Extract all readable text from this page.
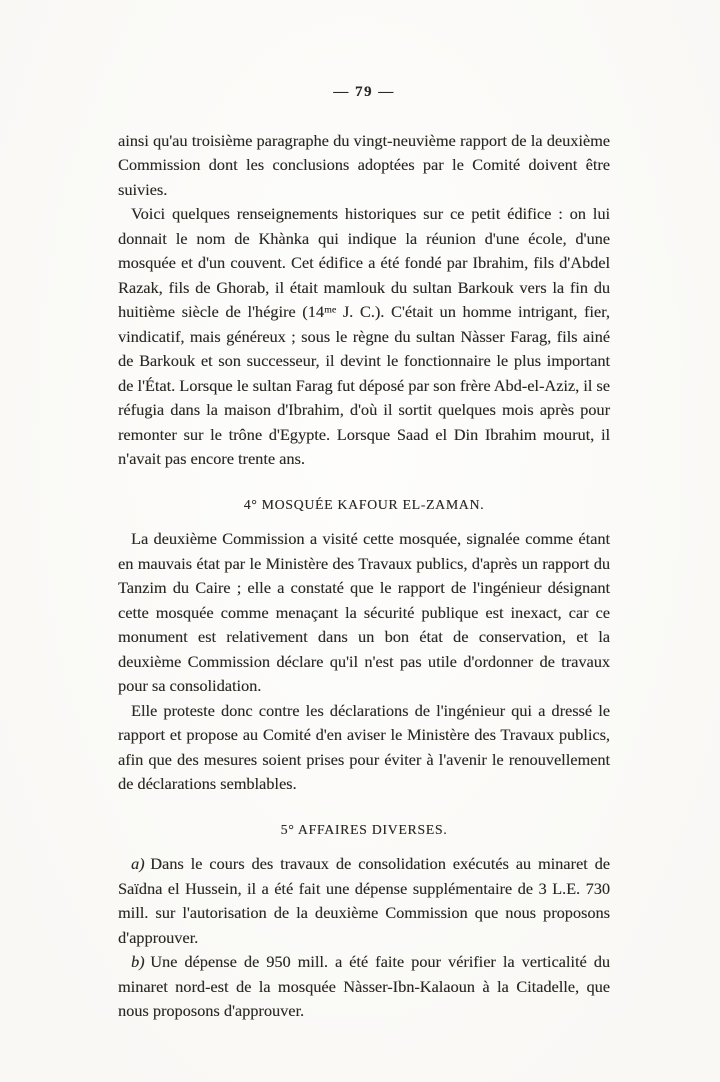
— 79 —

ainsi qu'au troisième paragraphe du vingt-neuvième rapport de la deuxième Commission dont les conclusions adoptées par le Comité doivent être suivies.

Voici quelques renseignements historiques sur ce petit édifice : on lui donnait le nom de Khànka qui indique la réunion d'une école, d'une mosquée et d'un couvent. Cet édifice a été fondé par Ibrahim, fils d'Abdel Razak, fils de Ghorab, il était mamlouk du sultan Barkouk vers la fin du huitième siècle de l'hégire (14ᵐᵉ J. C.). C'était un homme intrigant, fier, vindicatif, mais généreux ; sous le règne du sultan Nàsser Farag, fils ainé de Barkouk et son successeur, il devint le fonctionnaire le plus important de l'État. Lorsque le sultan Farag fut déposé par son frère Abd-el-Aziz, il se réfugia dans la maison d'Ibrahim, d'où il sortit quelques mois après pour remonter sur le trône d'Egypte. Lorsque Saad el Din Ibrahim mourut, il n'avait pas encore trente ans.

4° MOSQUÉE KAFOUR EL-ZAMAN.

La deuxième Commission a visité cette mosquée, signalée comme étant en mauvais état par le Ministère des Travaux publics, d'après un rapport du Tanzim du Caire ; elle a constaté que le rapport de l'ingénieur désignant cette mosquée comme menaçant la sécurité publique est inexact, car ce monument est relativement dans un bon état de conservation, et la deuxième Commission déclare qu'il n'est pas utile d'ordonner de travaux pour sa consolidation.

Elle proteste donc contre les déclarations de l'ingénieur qui a dressé le rapport et propose au Comité d'en aviser le Ministère des Travaux publics, afin que des mesures soient prises pour éviter à l'avenir le renouvellement de déclarations semblables.

5° AFFAIRES DIVERSES.

a) Dans le cours des travaux de consolidation exécutés au minaret de Saïdna el Hussein, il a été fait une dépense supplémentaire de 3 L.E. 730 mill. sur l'autorisation de la deuxième Commission que nous proposons d'approuver.

b) Une dépense de 950 mill. a été faite pour vérifier la verticalité du minaret nord-est de la mosquée Nàsser-Ibn-Kalaoun à la Citadelle, que nous proposons d'approuver.
